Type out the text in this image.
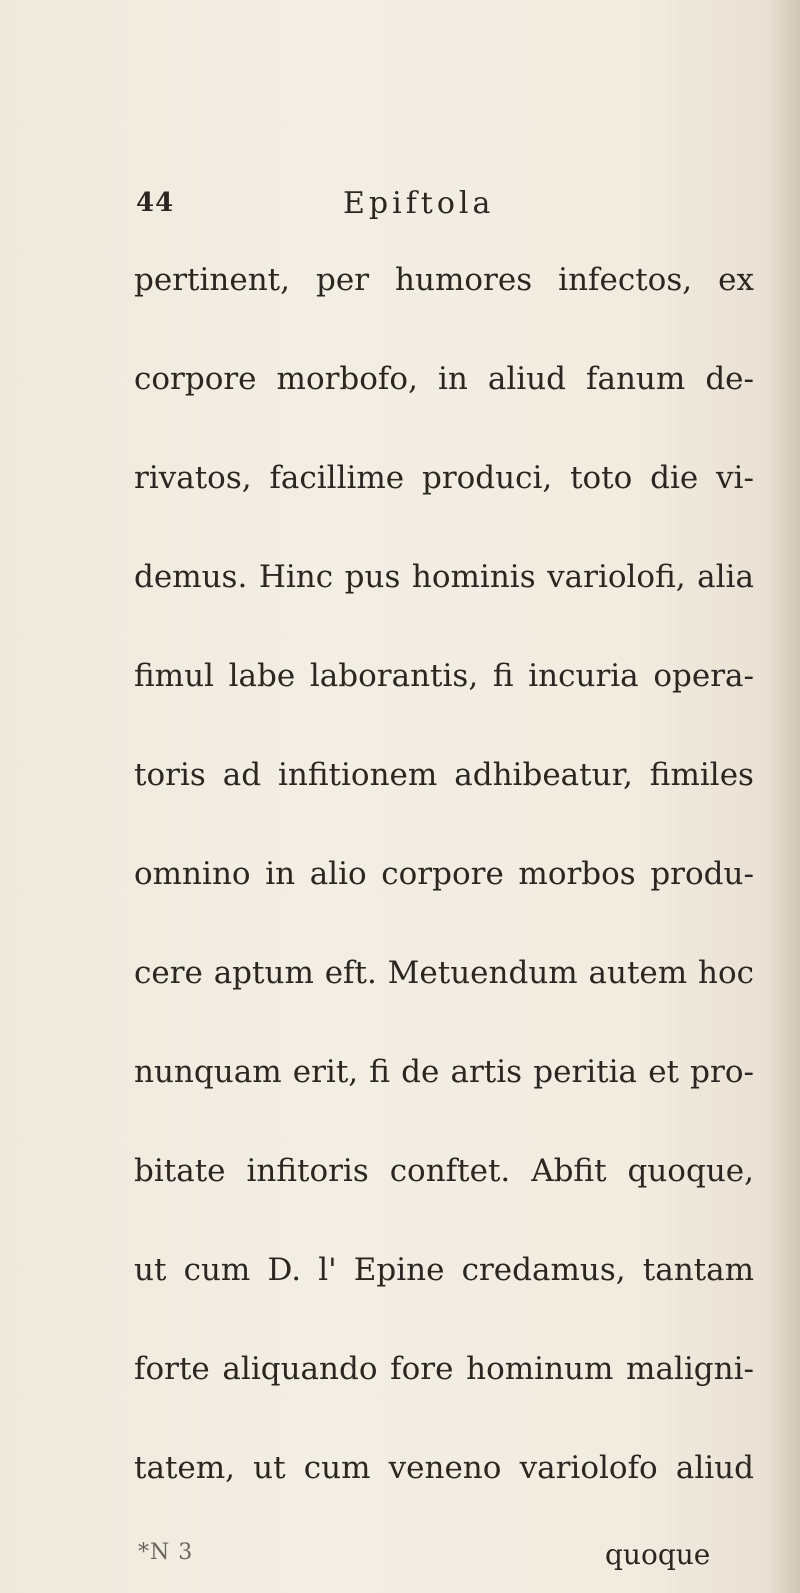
44	Epiftola
pertinent, per humores infectos, ex
corpore morbofo, in aliud fanum de-
rivatos, facillime produci, toto die vi-
demus. Hinc pus hominis variolofi, alia
fimul labe laborantis, fi incuria opera-
toris ad infitionem adhibeatur, fimiles
omnino in alio corpore morbos produ-
cere aptum eft. Metuendum autem hoc
nunquam erit, fi de artis peritia et pro-
bitate infitoris conftet. Abfit quoque,
ut cum D. l' Epine credamus, tantam
forte aliquando fore hominum maligni-
tatem, ut cum veneno variolofo aliud
*N 3	quoque
